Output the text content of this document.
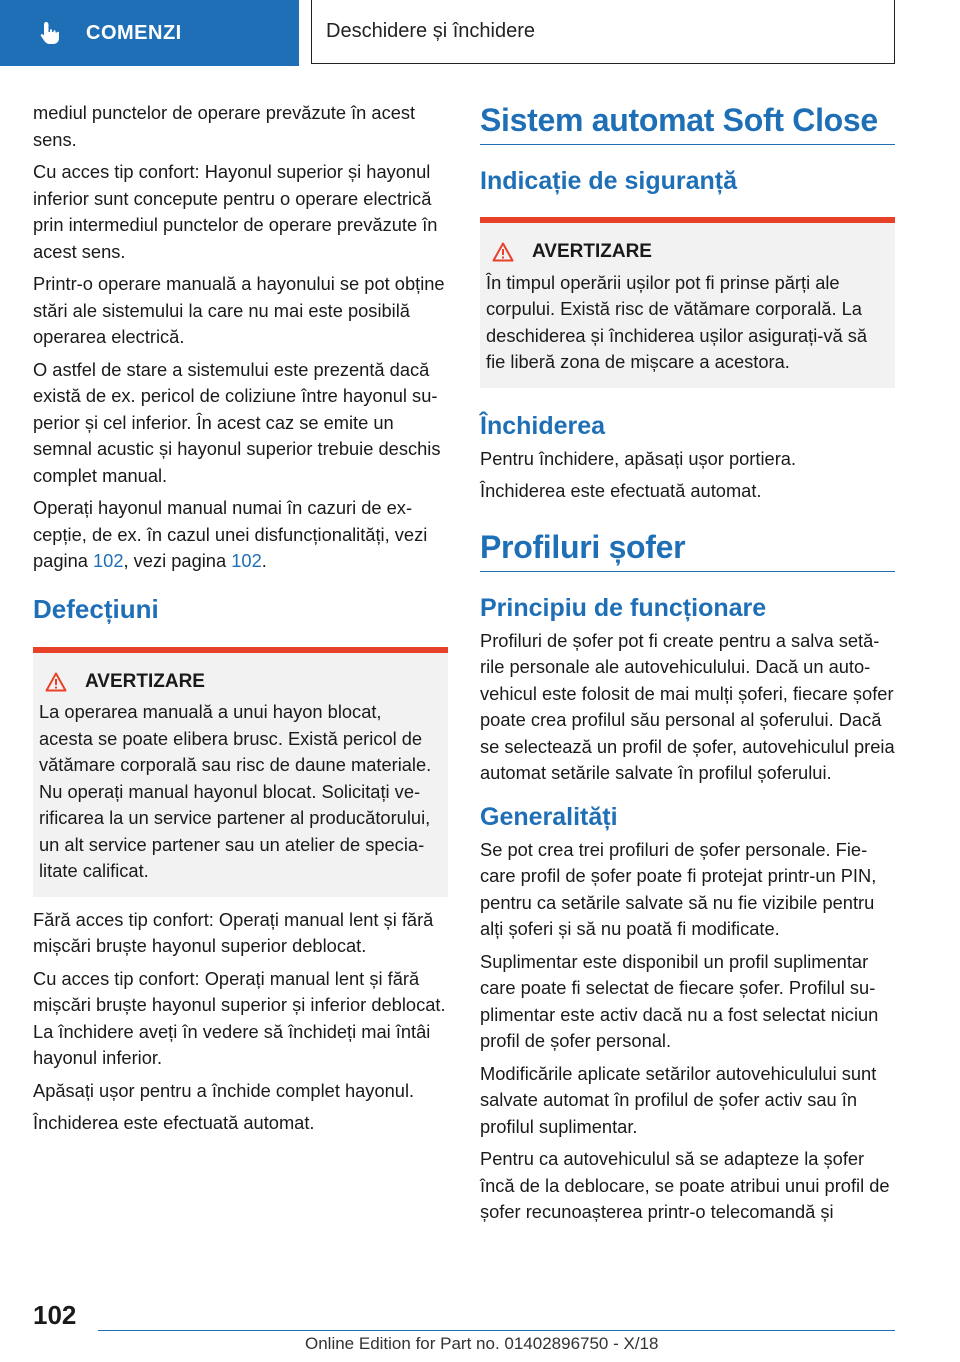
COMENZI	Deschidere și închidere

mediul punctelor de operare prevăzute în acest sens.

Cu acces tip confort: Hayonul superior și hayonul inferior sunt concepute pentru o operare electrică prin intermediul punctelor de operare prevăzute în acest sens.

Printr-o operare manuală a hayonului se pot obține stări ale sistemului la care nu mai este posibilă operarea electrică.

O astfel de stare a sistemului este prezentă dacă există de ex. pericol de coliziune între hayonul superior și cel inferior. În acest caz se emite un semnal acustic și hayonul superior trebuie deschis complet manual.

Operați hayonul manual numai în cazuri de excepție, de ex. în cazul unei disfuncționalități, vezi pagina 102, vezi pagina 102.

Defecțiuni
AVERTIZARE
La operarea manuală a unui hayon blocat, acesta se poate elibera brusc. Există pericol de vătămare corporală sau risc de daune materiale. Nu operați manual hayonul blocat. Solicitați verificarea la un service partener al producătorului, un alt service partener sau un atelier de specialitate calificat.

Fără acces tip confort: Operați manual lent și fără mișcări bruște hayonul superior deblocat.

Cu acces tip confort: Operați manual lent și fără mișcări bruște hayonul superior și inferior deblocat. La închidere aveți în vedere să închideți mai întâi hayonul inferior.

Apăsați ușor pentru a închide complet hayonul.

Închiderea este efectuată automat.

Sistem automat Soft Close
Indicație de siguranță
AVERTIZARE
În timpul operării ușilor pot fi prinse părți ale corpului. Există risc de vătămare corporală. La deschiderea și închiderea ușilor asigurați-vă să fie liberă zona de mișcare a acestora.
Închiderea

Pentru închidere, apăsați ușor portiera.

Închiderea este efectuată automat.

Profiluri șofer
Principiu de funcționare

Profiluri de șofer pot fi create pentru a salva setările personale ale autovehiculului. Dacă un autovehicul este folosit de mai mulți șoferi, fiecare șofer poate crea profilul său personal al șoferului. Dacă se selectează un profil de șofer, autovehiculul preia automat setările salvate în profilul șoferului.

Generalități

Se pot crea trei profiluri de șofer personale. Fiecare profil de șofer poate fi protejat printr-un PIN, pentru ca setările salvate să nu fie vizibile pentru alți șoferi și să nu poată fi modificate.

Suplimentar este disponibil un profil suplimentar care poate fi selectat de fiecare șofer. Profilul suplimentar este activ dacă nu a fost selectat niciun profil de șofer personal.

Modificările aplicate setărilor autovehiculului sunt salvate automat în profilul de șofer activ sau în profilul suplimentar.

Pentru ca autovehiculul să se adapteze la șofer încă de la deblocare, se poate atribui unui profil de șofer recunoașterea printr-o telecomandă și

102
Online Edition for Part no. 01402896750 - X/18
